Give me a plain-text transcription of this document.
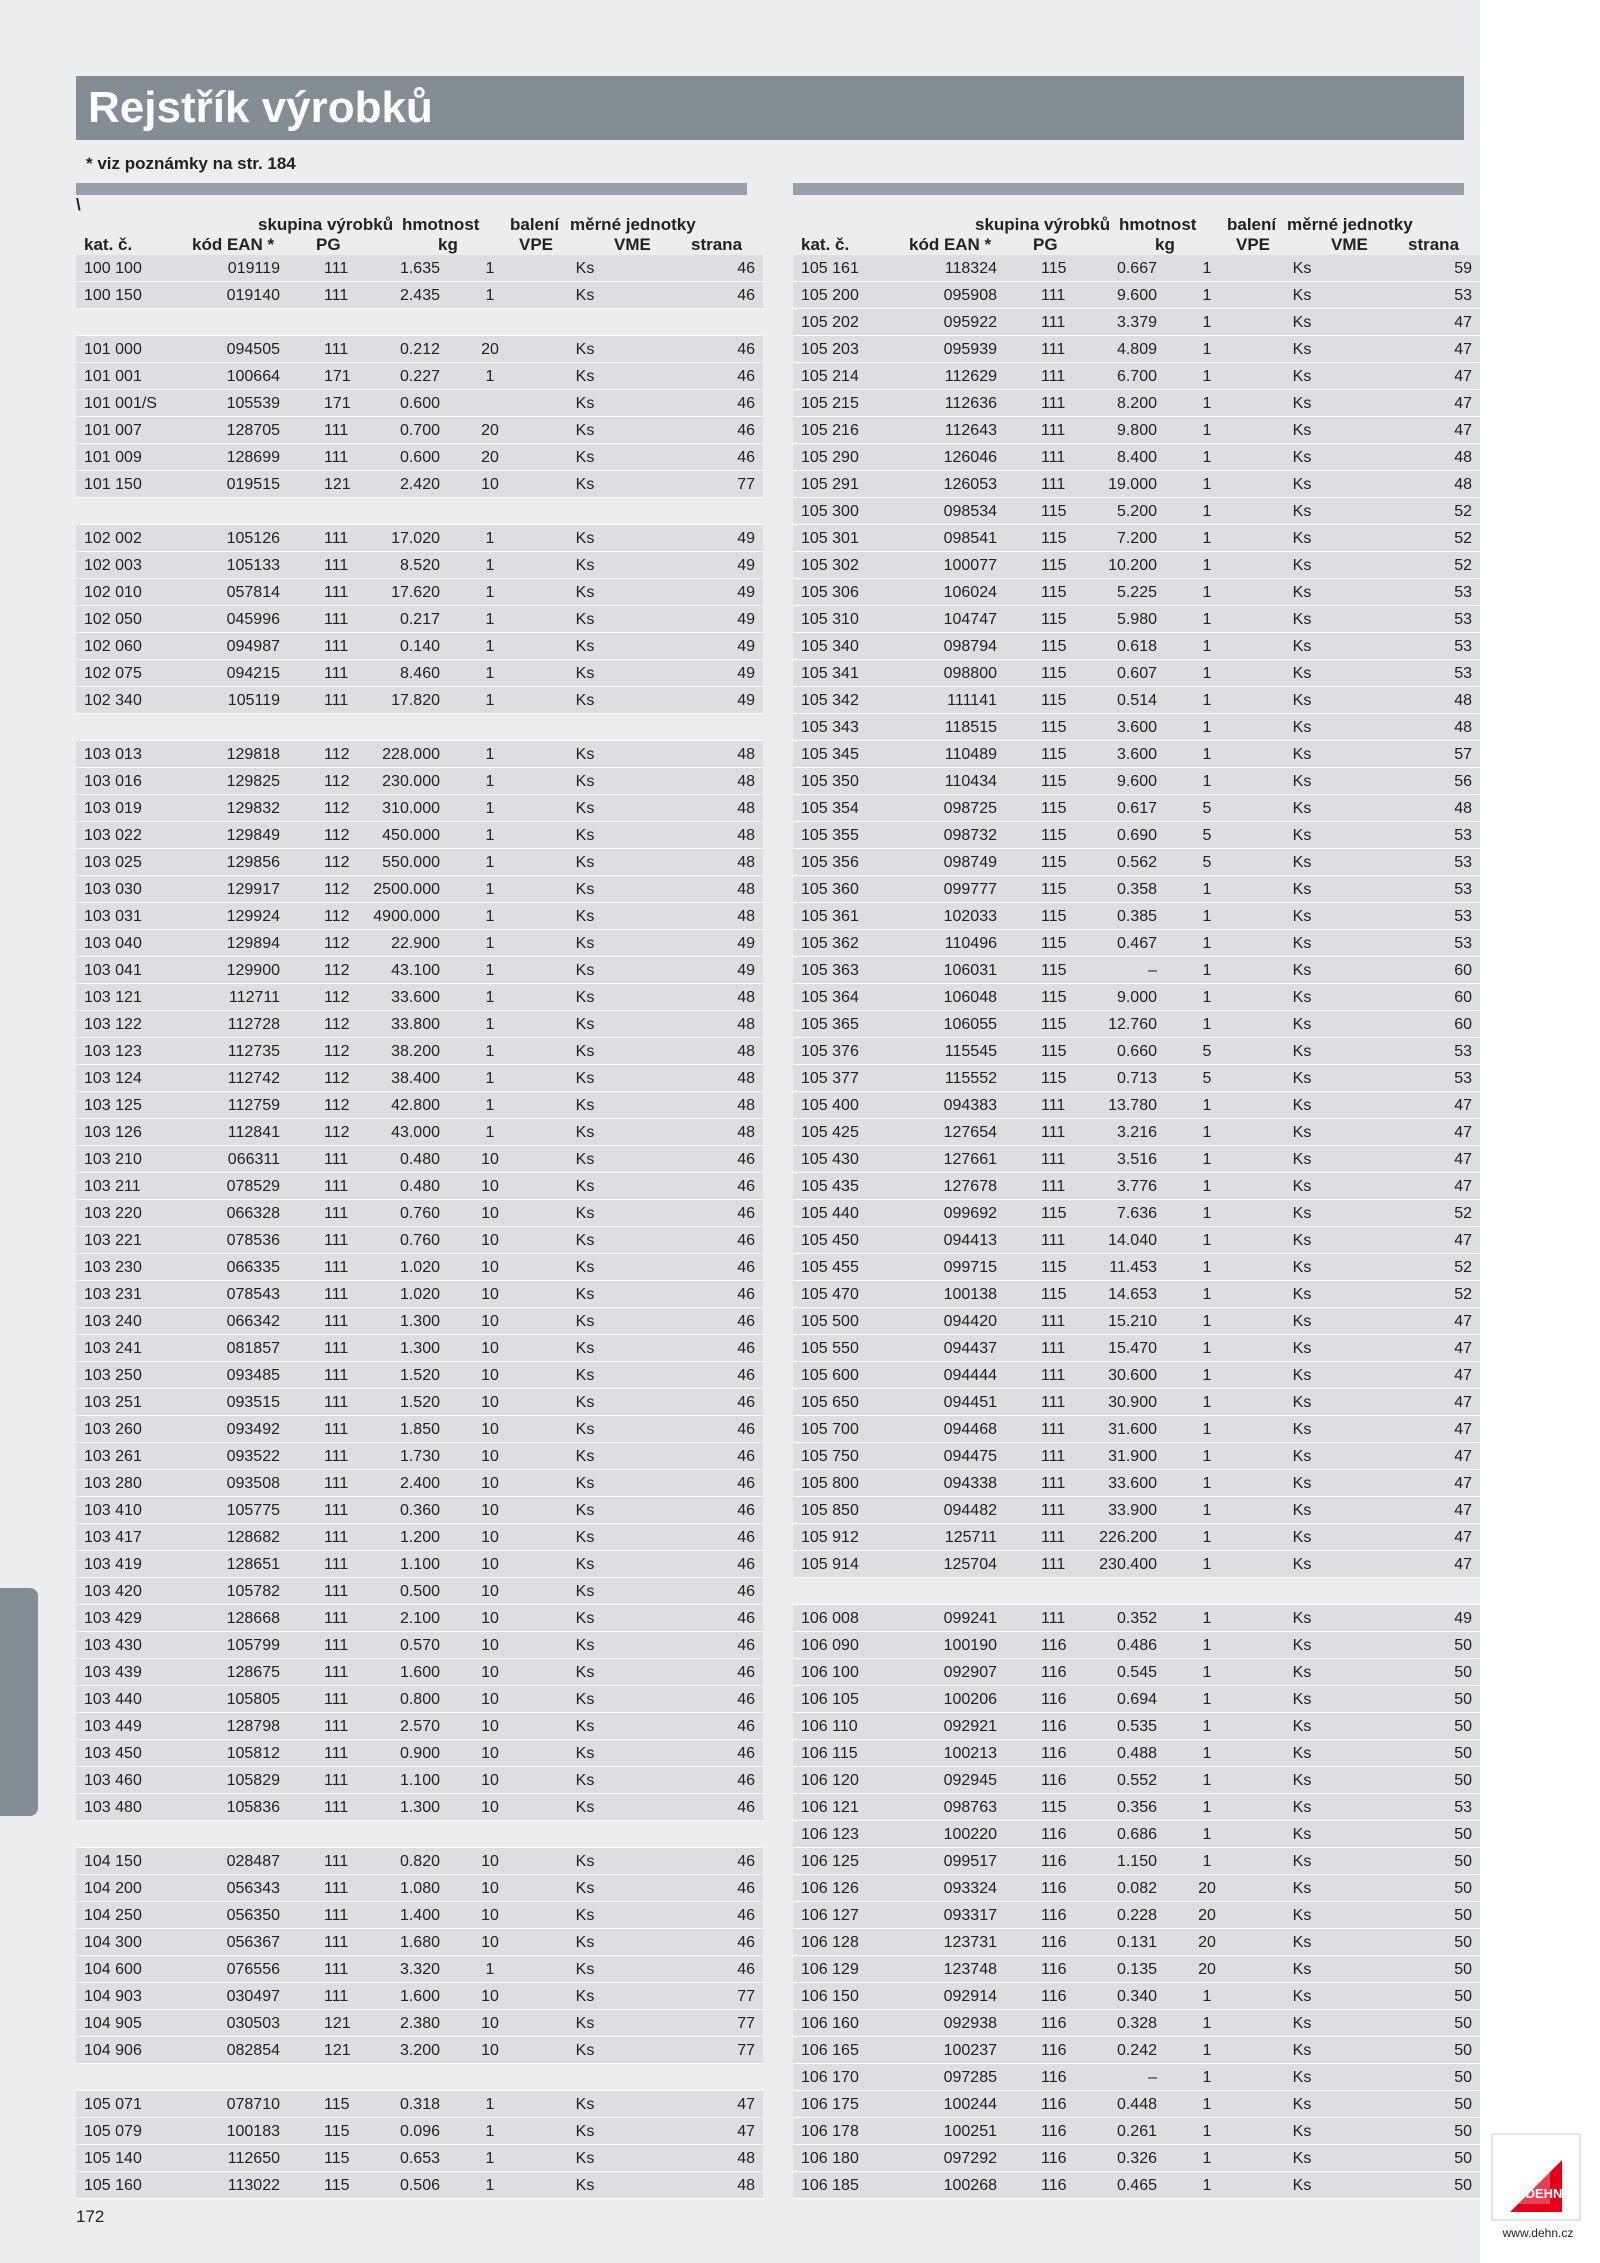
Rejstřík výrobků
* viz poznámky na str. 184
skupina výrobků hmotnost
\
balení měrné jednotky
kat. č.	kód EAN * PG	kg	VPE	VME strana
100 100	019119	111	1.635	1	Ks	46
100 150	019140	111	2.435	1	Ks	46

101 000	094505	111	0.212	20	Ks	46
101 001	100664	171	0.227	1	Ks	46
101 001/S	105539	171	0.600		Ks	46
101 007	128705	111	0.700	20	Ks	46
101 009	128699	111	0.600	20	Ks	46
101 150	019515	121	2.420	10	Ks	77

102 002	105126	111	17.020	1	Ks	49
102 003	105133	111	8.520	1	Ks	49
102 010	057814	111	17.620	1	Ks	49
102 050	045996	111	0.217	1	Ks	49
102 060	094987	111	0.140	1	Ks	49
102 075	094215	111	8.460	1	Ks	49
102 340	105119	111	17.820	1	Ks	49

103 013	129818	112	228.000	1	Ks	48
103 016	129825	112	230.000	1	Ks	48
103 019	129832	112	310.000	1	Ks	48
103 022	129849	112	450.000	1	Ks	48
103 025	129856	112	550.000	1	Ks	48
103 030	129917	112	2500.000	1	Ks	48
103 031	129924	112	4900.000	1	Ks	48
103 040	129894	112	22.900	1	Ks	49
103 041	129900	112	43.100	1	Ks	49
103 121	112711	112	33.600	1	Ks	48
103 122	112728	112	33.800	1	Ks	48
103 123	112735	112	38.200	1	Ks	48
103 124	112742	112	38.400	1	Ks	48
103 125	112759	112	42.800	1	Ks	48
103 126	112841	112	43.000	1	Ks	48
103 210	066311	111	0.480	10	Ks	46
103 211	078529	111	0.480	10	Ks	46
103 220	066328	111	0.760	10	Ks	46
103 221	078536	111	0.760	10	Ks	46
103 230	066335	111	1.020	10	Ks	46
103 231	078543	111	1.020	10	Ks	46
103 240	066342	111	1.300	10	Ks	46
103 241	081857	111	1.300	10	Ks	46
103 250	093485	111	1.520	10	Ks	46
103 251	093515	111	1.520	10	Ks	46
103 260	093492	111	1.850	10	Ks	46
103 261	093522	111	1.730	10	Ks	46
103 280	093508	111	2.400	10	Ks	46
103 410	105775	111	0.360	10	Ks	46
103 417	128682	111	1.200	10	Ks	46
103 419	128651	111	1.100	10	Ks	46
103 420	105782	111	0.500	10	Ks	46
103 429	128668	111	2.100	10	Ks	46
103 430	105799	111	0.570	10	Ks	46
103 439	128675	111	1.600	10	Ks	46
103 440	105805	111	0.800	10	Ks	46
103 449	128798	111	2.570	10	Ks	46
103 450	105812	111	0.900	10	Ks	46
103 460	105829	111	1.100	10	Ks	46
103 480	105836	111	1.300	10	Ks	46

104 150	028487	111	0.820	10	Ks	46
104 200	056343	111	1.080	10	Ks	46
104 250	056350	111	1.400	10	Ks	46
104 300	056367	111	1.680	10	Ks	46
104 600	076556	111	3.320	1	Ks	46
104 903	030497	111	1.600	10	Ks	77
104 905	030503	121	2.380	10	Ks	77
104 906	082854	121	3.200	10	Ks	77

105 071	078710	115	0.318	1	Ks	47
105 079	100183	115	0.096	1	Ks	47
105 140	112650	115	0.653	1	Ks	48
105 160	113022	115	0.506	1	Ks	48
skupina výrobků hmotnost balení měrné jednotky
kat. č.	kód EAN * PG	kg	VPE	VME strana
105 161	118324	115	0.667	1	Ks	59
105 200	095908	111	9.600	1	Ks	53
105 202	095922	111	3.379	1	Ks	47
105 203	095939	111	4.809	1	Ks	47
105 214	112629	111	6.700	1	Ks	47
105 215	112636	111	8.200	1	Ks	47
105 216	112643	111	9.800	1	Ks	47
105 290	126046	111	8.400	1	Ks	48
105 291	126053	111	19.000	1	Ks	48
105 300	098534	115	5.200	1	Ks	52
105 301	098541	115	7.200	1	Ks	52
105 302	100077	115	10.200	1	Ks	52
105 306	106024	115	5.225	1	Ks	53
105 310	104747	115	5.980	1	Ks	53
105 340	098794	115	0.618	1	Ks	53
105 341	098800	115	0.607	1	Ks	53
105 342	111141	115	0.514	1	Ks	48
105 343	118515	115	3.600	1	Ks	48
105 345	110489	115	3.600	1	Ks	57
105 350	110434	115	9.600	1	Ks	56
105 354	098725	115	0.617	5	Ks	48
105 355	098732	115	0.690	5	Ks	53
105 356	098749	115	0.562	5	Ks	53
105 360	099777	115	0.358	1	Ks	53
105 361	102033	115	0.385	1	Ks	53
105 362	110496	115	0.467	1	Ks	53
105 363	106031	115	–	1	Ks	60
105 364	106048	115	9.000	1	Ks	60
105 365	106055	115	12.760	1	Ks	60
105 376	115545	115	0.660	5	Ks	53
105 377	115552	115	0.713	5	Ks	53
105 400	094383	111	13.780	1	Ks	47
105 425	127654	111	3.216	1	Ks	47
105 430	127661	111	3.516	1	Ks	47
105 435	127678	111	3.776	1	Ks	47
105 440	099692	115	7.636	1	Ks	52
105 450	094413	111	14.040	1	Ks	47
105 455	099715	115	11.453	1	Ks	52
105 470	100138	115	14.653	1	Ks	52
105 500	094420	111	15.210	1	Ks	47
105 550	094437	111	15.470	1	Ks	47
105 600	094444	111	30.600	1	Ks	47
105 650	094451	111	30.900	1	Ks	47
105 700	094468	111	31.600	1	Ks	47
105 750	094475	111	31.900	1	Ks	47
105 800	094338	111	33.600	1	Ks	47
105 850	094482	111	33.900	1	Ks	47
105 912	125711	111	226.200	1	Ks	47
105 914	125704	111	230.400	1	Ks	47

106 008	099241	111	0.352	1	Ks	49
106 090	100190	116	0.486	1	Ks	50
106 100	092907	116	0.545	1	Ks	50
106 105	100206	116	0.694	1	Ks	50
106 110	092921	116	0.535	1	Ks	50
106 115	100213	116	0.488	1	Ks	50
106 120	092945	116	0.552	1	Ks	50
106 121	098763	115	0.356	1	Ks	53
106 123	100220	116	0.686	1	Ks	50
106 125	099517	116	1.150	1	Ks	50
106 126	093324	116	0.082	20	Ks	50
106 127	093317	116	0.228	20	Ks	50
106 128	123731	116	0.131	20	Ks	50
106 129	123748	116	0.135	20	Ks	50
106 150	092914	116	0.340	1	Ks	50
106 160	092938	116	0.328	1	Ks	50
106 165	100237	116	0.242	1	Ks	50
106 170	097285	116	–	1	Ks	50
106 175	100244	116	0.448	1	Ks	50
106 178	100251	116	0.261	1	Ks	50
106 180	097292	116	0.326	1	Ks	50
106 185	100268	116	0.465	1	Ks	50
172
DEHN
www.dehn.cz
